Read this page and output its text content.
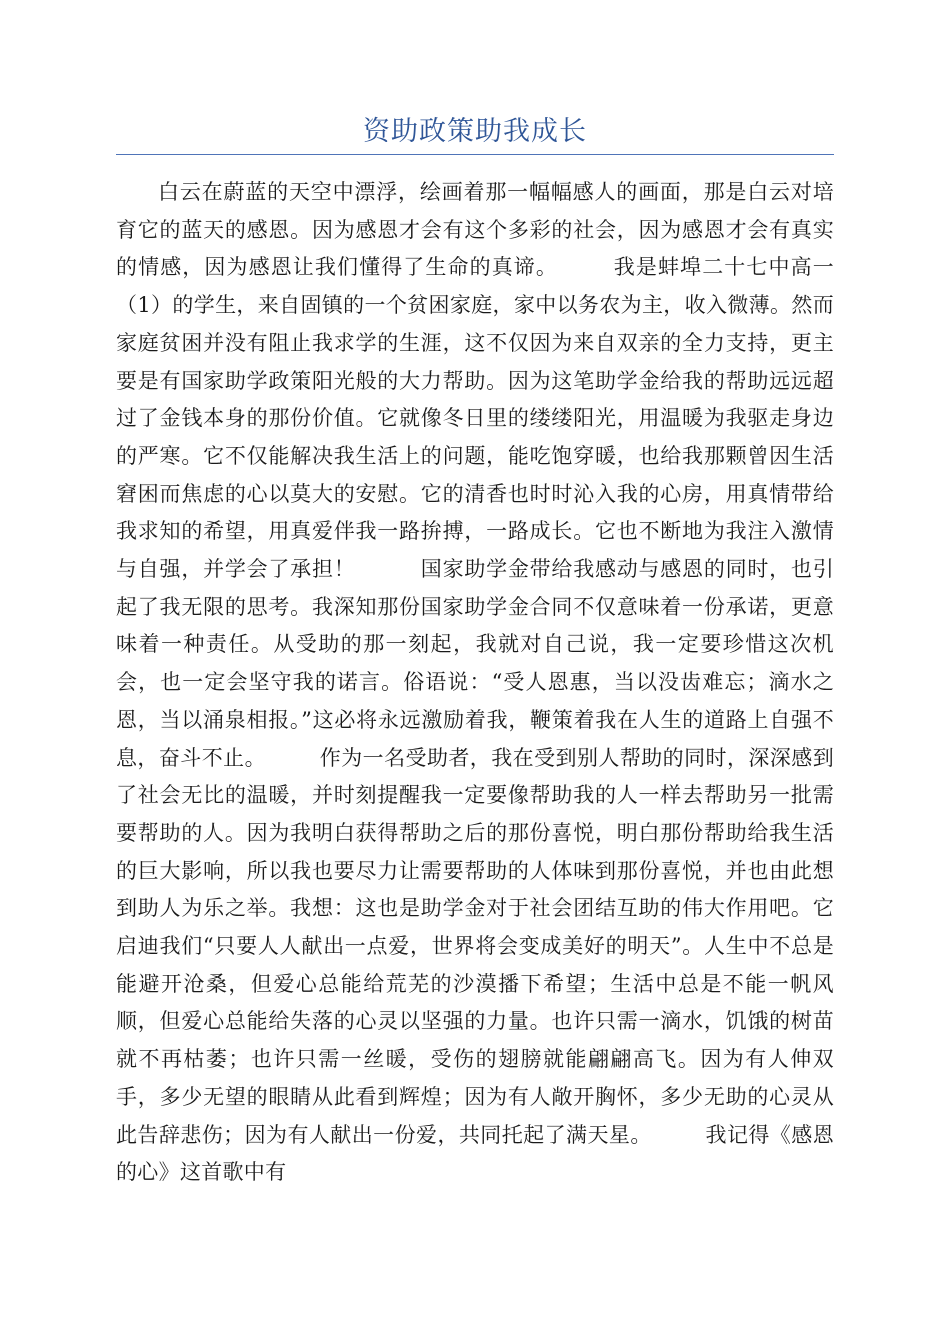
资助政策助我成长

白云在蔚蓝的天空中漂浮，绘画着那一幅幅感人的画面，那是白云对培育它的蓝天的感恩。因为感恩才会有这个多彩的社会，因为感恩才会有真实的情感，因为感恩让我们懂得了生命的真谛。　　　我是蚌埠二十七中高一（1）的学生，来自固镇的一个贫困家庭，家中以务农为主，收入微薄。然而家庭贫困并没有阻止我求学的生涯，这不仅因为来自双亲的全力支持，更主要是有国家助学政策阳光般的大力帮助。因为这笔助学金给我的帮助远远超过了金钱本身的那份价值。它就像冬日里的缕缕阳光，用温暖为我驱走身边的严寒。它不仅能解决我生活上的问题，能吃饱穿暖，也给我那颗曾因生活窘困而焦虑的心以莫大的安慰。它的清香也时时沁入我的心房，用真情带给我求知的希望，用真爱伴我一路拚搏，一路成长。它也不断地为我注入激情与自强，并学会了承担！　　　国家助学金带给我感动与感恩的同时，也引起了我无限的思考。我深知那份国家助学金合同不仅意味着一份承诺，更意味着一种责任。从受助的那一刻起，我就对自己说，我一定要珍惜这次机会，也一定会坚守我的诺言。俗语说：“受人恩惠，当以没齿难忘；滴水之恩，当以涌泉相报。”这必将永远激励着我，鞭策着我在人生的道路上自强不息，奋斗不止。　　　作为一名受助者，我在受到别人帮助的同时，深深感到了社会无比的温暖，并时刻提醒我一定要像帮助我的人一样去帮助另一批需要帮助的人。因为我明白获得帮助之后的那份喜悦，明白那份帮助给我生活的巨大影响，所以我也要尽力让需要帮助的人体味到那份喜悦，并也由此想到助人为乐之举。我想：这也是助学金对于社会团结互助的伟大作用吧。它启迪我们“只要人人献出一点爱，世界将会变成美好的明天”。人生中不总是能避开沧桑，但爱心总能给荒芜的沙漠播下希望；生活中总是不能一帆风顺，但爱心总能给失落的心灵以坚强的力量。也许只需一滴水，饥饿的树苗就不再枯萎；也许只需一丝暖，受伤的翅膀就能翩翩高飞。因为有人伸双手，多少无望的眼睛从此看到辉煌；因为有人敞开胸怀，多少无助的心灵从此告辞悲伤；因为有人献出一份爱，共同托起了满天星。　　　我记得《感恩的心》这首歌中有
